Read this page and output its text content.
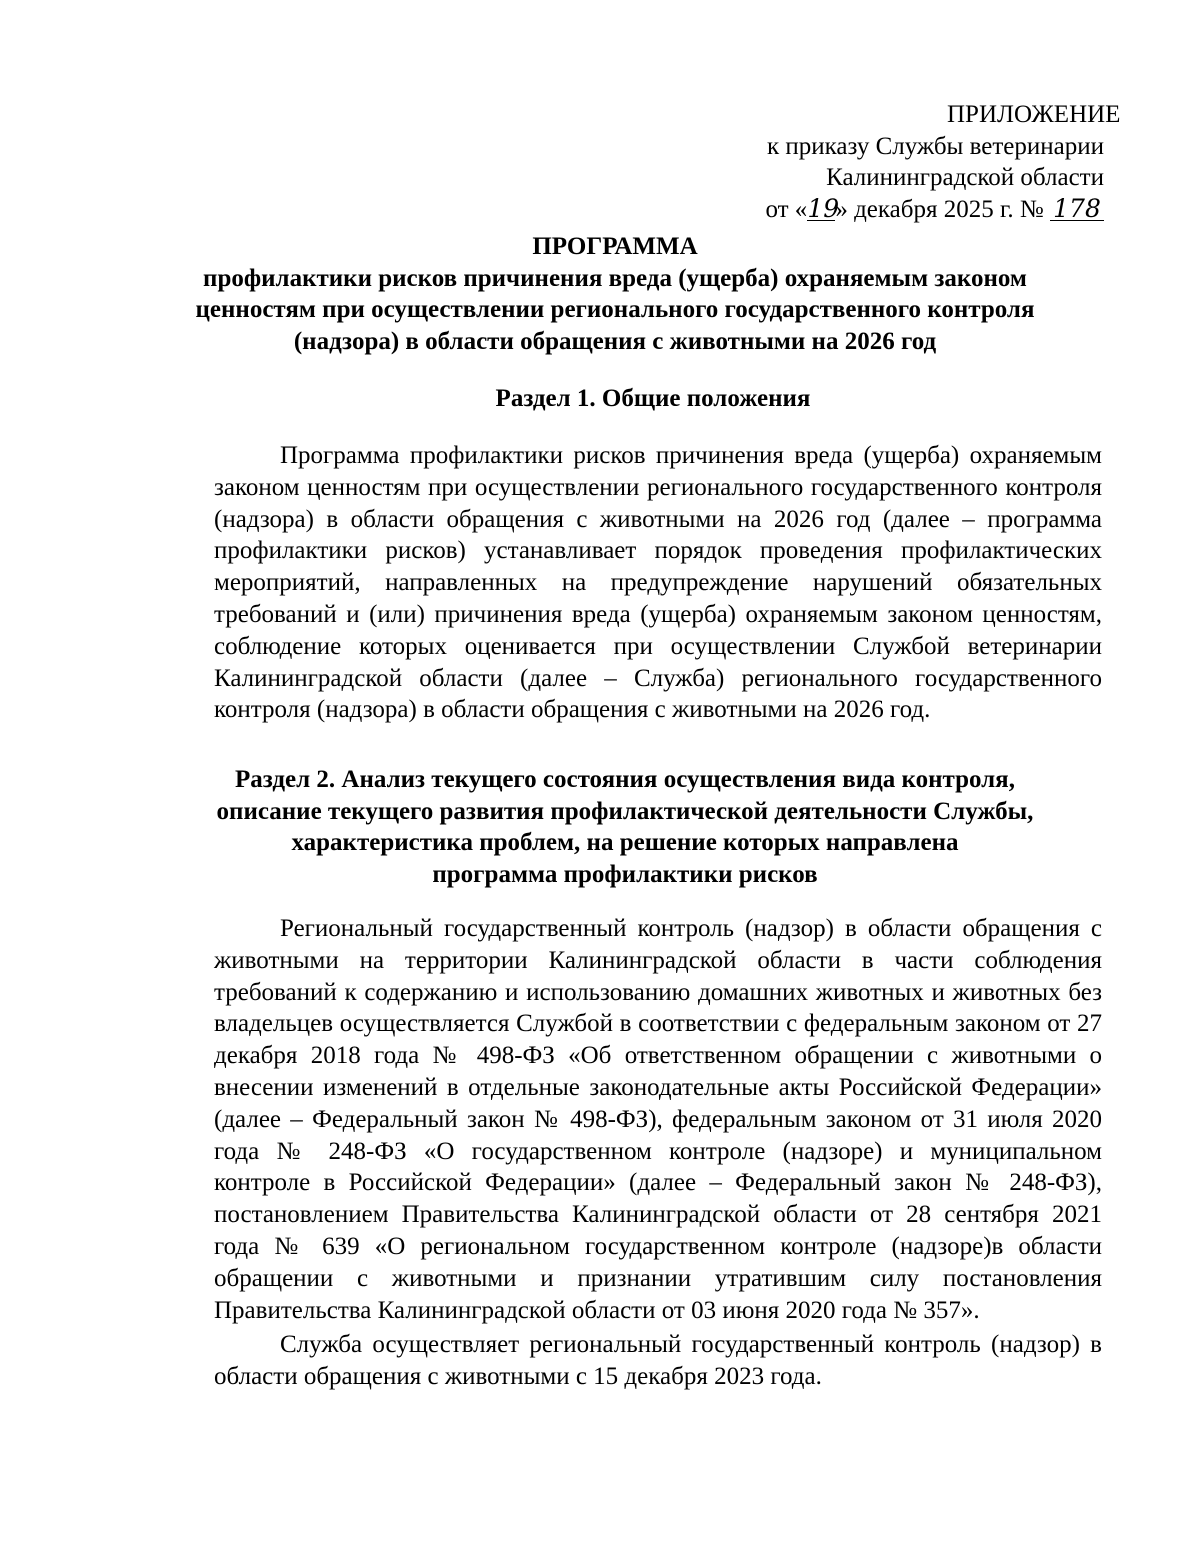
ПРИЛОЖЕНИЕ
к приказу Службы ветеринарии
Калининградской области
от «19» декабря 2025 г. № 178
ПРОГРАММА
профилактики рисков причинения вреда (ущерба) охраняемым законом ценностям при осуществлении регионального государственного контроля (надзора) в области обращения с животными на 2026 год
Раздел 1. Общие положения
Программа профилактики рисков причинения вреда (ущерба) охраняемым законом ценностям при осуществлении регионального государственного контроля (надзора) в области обращения с животными на 2026 год (далее – программа профилактики рисков) устанавливает порядок проведения профилактических мероприятий, направленных на предупреждение нарушений обязательных требований и (или) причинения вреда (ущерба) охраняемым законом ценностям, соблюдение которых оценивается при осуществлении Службой ветеринарии Калининградской области (далее – Служба) регионального государственного контроля (надзора) в области обращения с животными на 2026 год.
Раздел 2. Анализ текущего состояния осуществления вида контроля,
описание текущего развития профилактической деятельности Службы,
характеристика проблем, на решение которых направлена
программа профилактики рисков
Региональный государственный контроль (надзор) в области обращения с животными на территории Калининградской области в части соблюдения требований к содержанию и использованию домашних животных и животных без владельцев осуществляется Службой в соответствии с федеральным законом от 27 декабря 2018 года № 498-ФЗ «Об ответственном обращении с животными о внесении изменений в отдельные законодательные акты Российской Федерации» (далее – Федеральный закон № 498-ФЗ), федеральным законом от 31 июля 2020 года № 248-ФЗ «О государственном контроле (надзоре) и муниципальном контроле в Российской Федерации» (далее – Федеральный закон № 248-ФЗ), постановлением Правительства Калининградской области от 28 сентября 2021 года № 639 «О региональном государственном контроле (надзоре)в области обращении с животными и признании утратившим силу постановления Правительства Калининградской области от 03 июня 2020 года № 357».
Служба осуществляет региональный государственный контроль (надзор) в области обращения с животными с 15 декабря 2023 года.
